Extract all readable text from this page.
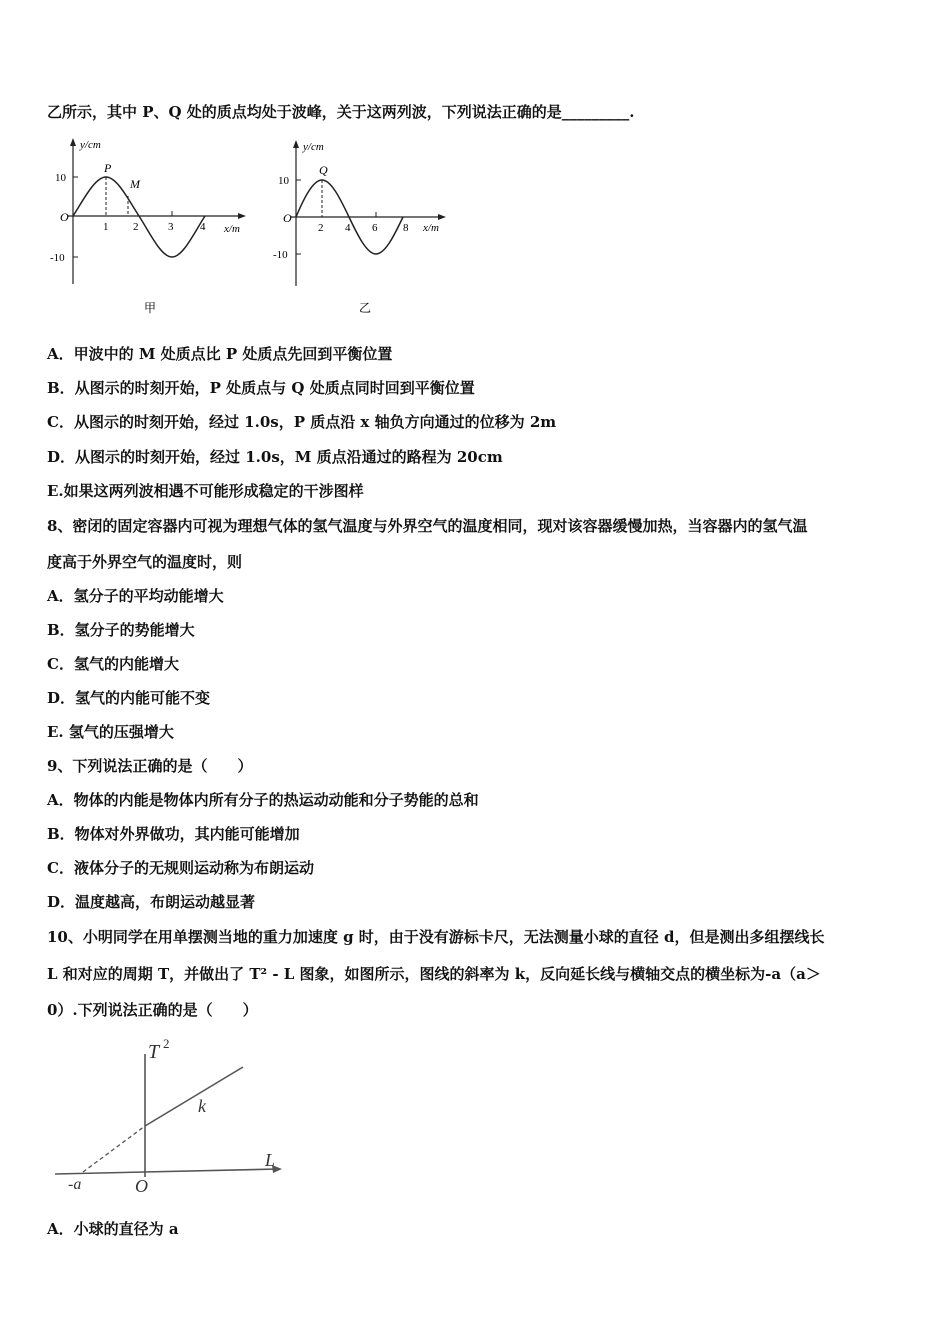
乙所示，其中 P、Q 处的质点均处于波峰，关于这两列波，下列说法正确的是_________.
y/cm
x/m
O
10
-10
1 2	3 4
P
M
甲
y/cm
x/m
O
10
-10
2 4 6 8
Q
乙
A．甲波中的 M 处质点比 P 处质点先回到平衡位置
B．从图示的时刻开始，P 处质点与 Q 处质点同时回到平衡位置
C．从图示的时刻开始，经过 1.0s，P 质点沿 x 轴负方向通过的位移为 2m
D．从图示的时刻开始，经过 1.0s，M 质点沿通过的路程为 20cm
E.如果这两列波相遇不可能形成稳定的干涉图样
8、密闭的固定容器内可视为理想气体的氢气温度与外界空气的温度相同，现对该容器缓慢加热，当容器内的氢气温
度高于外界空气的温度时，则
A．氢分子的平均动能增大
B．氢分子的势能增大
C．氢气的内能增大
D．氢气的内能可能不变
E. 氢气的压强增大
9、下列说法正确的是（　　）
A．物体的内能是物体内所有分子的热运动动能和分子势能的总和
B．物体对外界做功，其内能可能增加
C．液体分子的无规则运动称为布朗运动
D．温度越高，布朗运动越显著
10、小明同学在用单摆测当地的重力加速度 g 时，由于没有游标卡尺，无法测量小球的直径 d，但是测出多组摆线长
L 和对应的周期 T，并做出了 T² - L 图象，如图所示，图线的斜率为 k，反向延长线与横轴交点的横坐标为-a（a＞
0）.下列说法正确的是（　　）
T 2
L
k
-a	O
A．小球的直径为 a
